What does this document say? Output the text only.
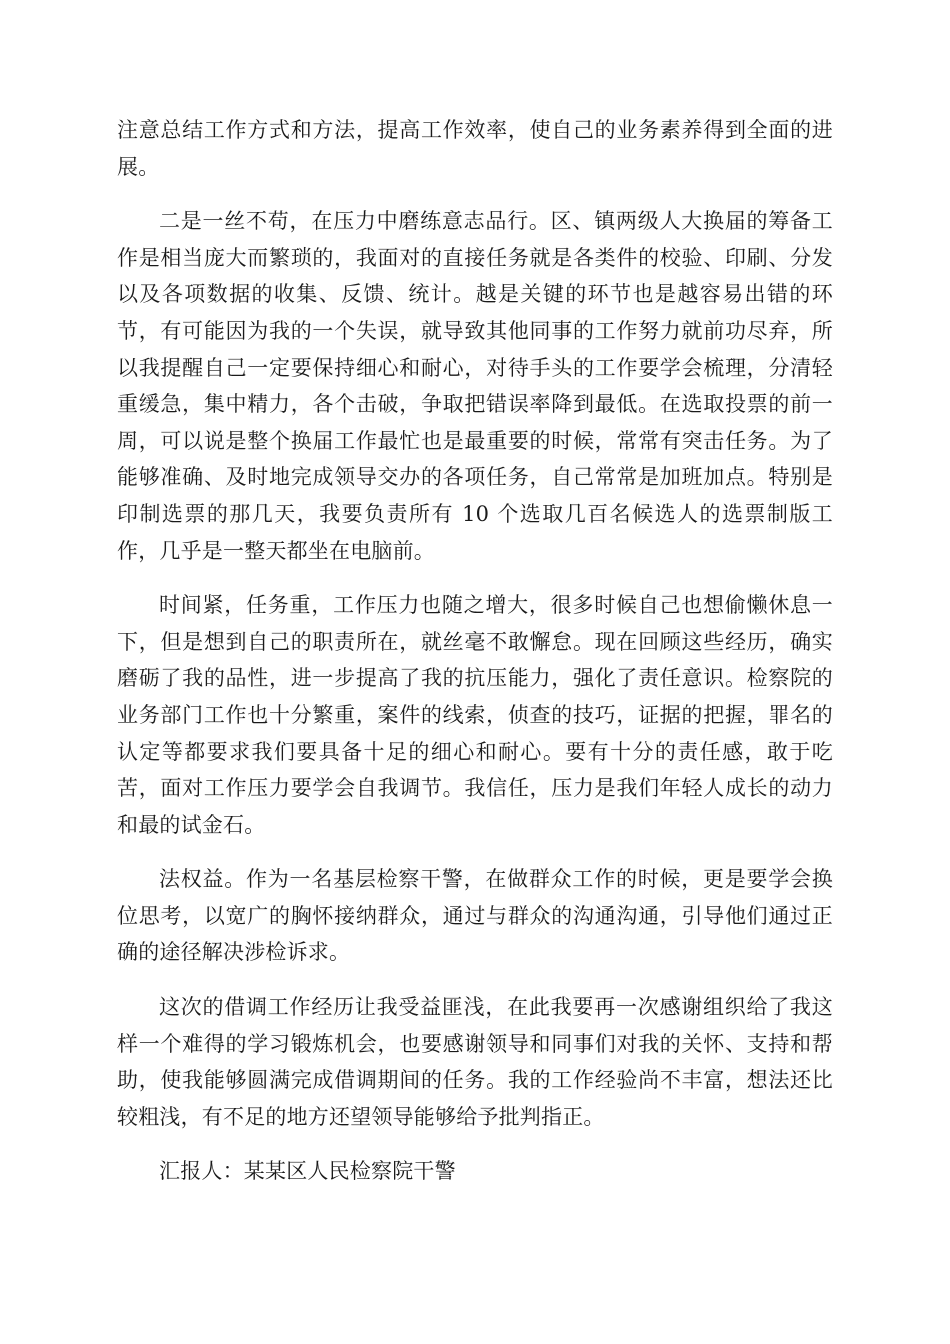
注意总结工作方式和方法，提高工作效率，使自己的业务素养得到全面的进展。

二是一丝不苟，在压力中磨练意志品行。区、镇两级人大换届的筹备工作是相当庞大而繁琐的，我面对的直接任务就是各类件的校验、印刷、分发以及各项数据的收集、反馈、统计。越是关键的环节也是越容易出错的环节，有可能因为我的一个失误，就导致其他同事的工作努力就前功尽弃，所以我提醒自己一定要保持细心和耐心，对待手头的工作要学会梳理，分清轻重缓急，集中精力，各个击破，争取把错误率降到最低。在选取投票的前一周，可以说是整个换届工作最忙也是最重要的时候，常常有突击任务。为了能够准确、及时地完成领导交办的各项任务，自己常常是加班加点。特别是印制选票的那几天，我要负责所有 10 个选取几百名候选人的选票制版工作，几乎是一整天都坐在电脑前。

时间紧，任务重，工作压力也随之增大，很多时候自己也想偷懒休息一下，但是想到自己的职责所在，就丝毫不敢懈怠。现在回顾这些经历，确实磨砺了我的品性，进一步提高了我的抗压能力，强化了责任意识。检察院的业务部门工作也十分繁重，案件的线索，侦查的技巧，证据的把握，罪名的认定等都要求我们要具备十足的细心和耐心。要有十分的责任感，敢于吃苦，面对工作压力要学会自我调节。我信任，压力是我们年轻人成长的动力和最的试金石。

法权益。作为一名基层检察干警，在做群众工作的时候，更是要学会换位思考，以宽广的胸怀接纳群众，通过与群众的沟通沟通，引导他们通过正确的途径解决涉检诉求。

这次的借调工作经历让我受益匪浅，在此我要再一次感谢组织给了我这样一个难得的学习锻炼机会，也要感谢领导和同事们对我的关怀、支持和帮助，使我能够圆满完成借调期间的任务。我的工作经验尚不丰富，想法还比较粗浅，有不足的地方还望领导能够给予批判指正。

汇报人：某某区人民检察院干警
